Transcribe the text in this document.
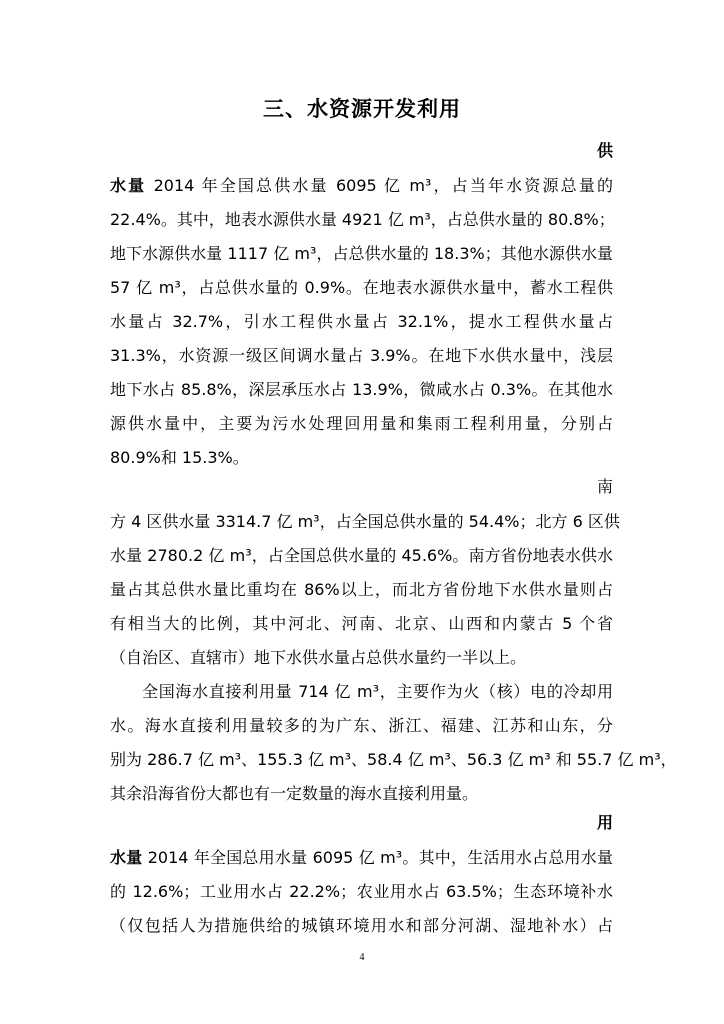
三、水资源开发利用
供
水量 2014 年全国总供水量 6095 亿 m³，占当年水资源总量的
22.4%。其中，地表水源供水量 4921 亿 m³，占总供水量的 80.8%；
地下水源供水量 1117 亿 m³，占总供水量的 18.3%；其他水源供水量
57 亿 m³，占总供水量的 0.9%。在地表水源供水量中，蓄水工程供
水量占 32.7%，引水工程供水量占 32.1%，提水工程供水量占
31.3%，水资源一级区间调水量占 3.9%。在地下水供水量中，浅层
地下水占 85.8%，深层承压水占 13.9%，微咸水占 0.3%。在其他水
源供水量中，主要为污水处理回用量和集雨工程利用量，分别占
80.9%和 15.3%。
南
方 4 区供水量 3314.7 亿 m³，占全国总供水量的 54.4%；北方 6 区供
水量 2780.2 亿 m³，占全国总供水量的 45.6%。南方省份地表水供水
量占其总供水量比重均在 86%以上，而北方省份地下水供水量则占
有相当大的比例，其中河北、河南、北京、山西和内蒙古 5 个省
（自治区、直辖市）地下水供水量占总供水量约一半以上。
全国海水直接利用量 714 亿 m³，主要作为火（核）电的冷却用
水。海水直接利用量较多的为广东、浙江、福建、江苏和山东，分
别为 286.7 亿 m³、155.3 亿 m³、58.4 亿 m³、56.3 亿 m³ 和 55.7 亿 m³，
其余沿海省份大都也有一定数量的海水直接利用量。
用
水量 2014 年全国总用水量 6095 亿 m³。其中，生活用水占总用水量
的 12.6%；工业用水占 22.2%；农业用水占 63.5%；生态环境补水
（仅包括人为措施供给的城镇环境用水和部分河湖、湿地补水）占
4
